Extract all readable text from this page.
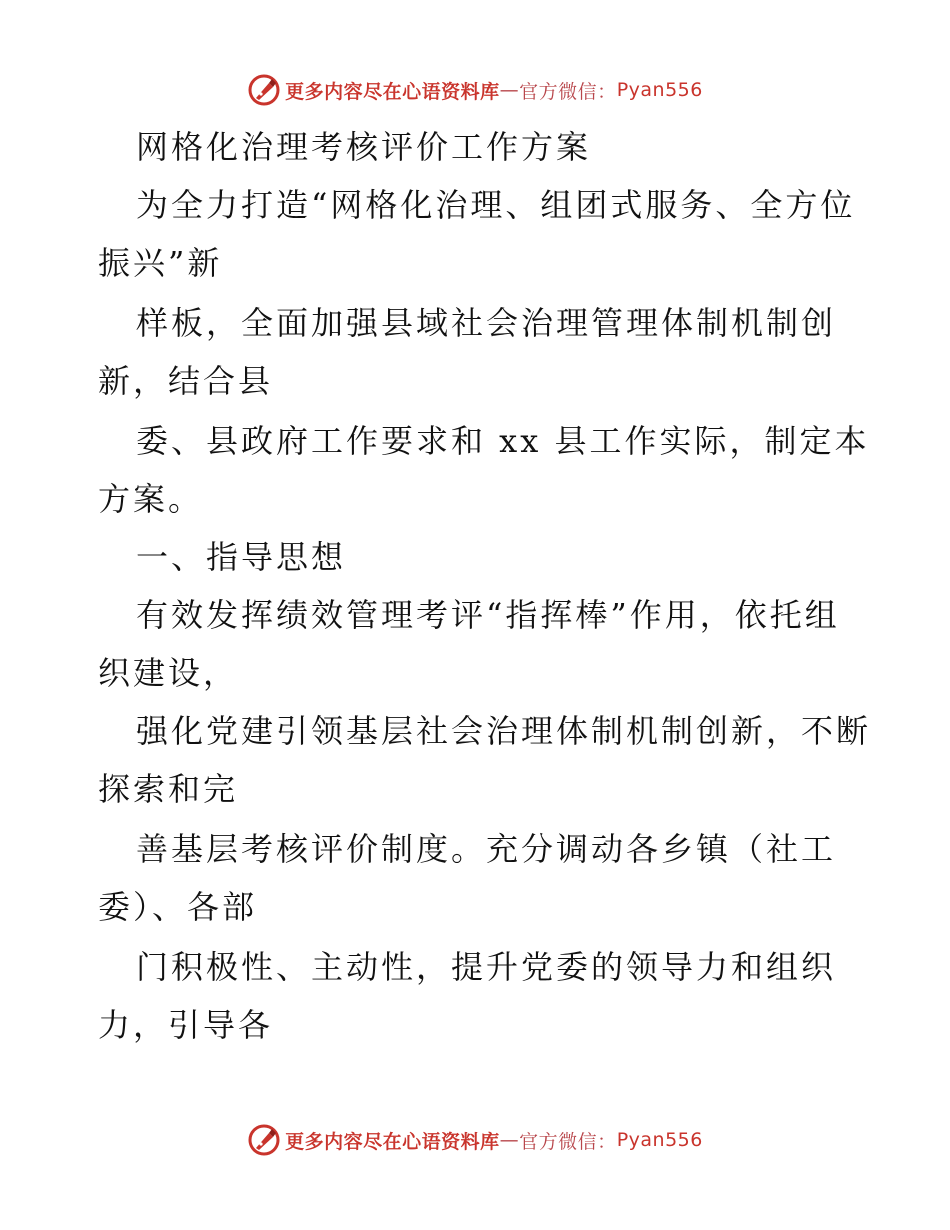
更多内容尽在心语资料库 — 官方微信： Pyan556
网格化治理考核评价工作方案
为全力打造“网格化治理、组团式服务、全方位
振兴”新
样板，全面加强县域社会治理管理体制机制创
新，结合县
委、县政府工作要求和 xx 县工作实际，制定本
方案。
一、指导思想
有效发挥绩效管理考评“指挥棒”作用，依托组
织建设，
强化党建引领基层社会治理体制机制创新，不断
探索和完
善基层考核评价制度。充分调动各乡镇（社工
委）、各部
门积极性、主动性，提升党委的领导力和组织
力，引导各
更多内容尽在心语资料库 — 官方微信： Pyan556
